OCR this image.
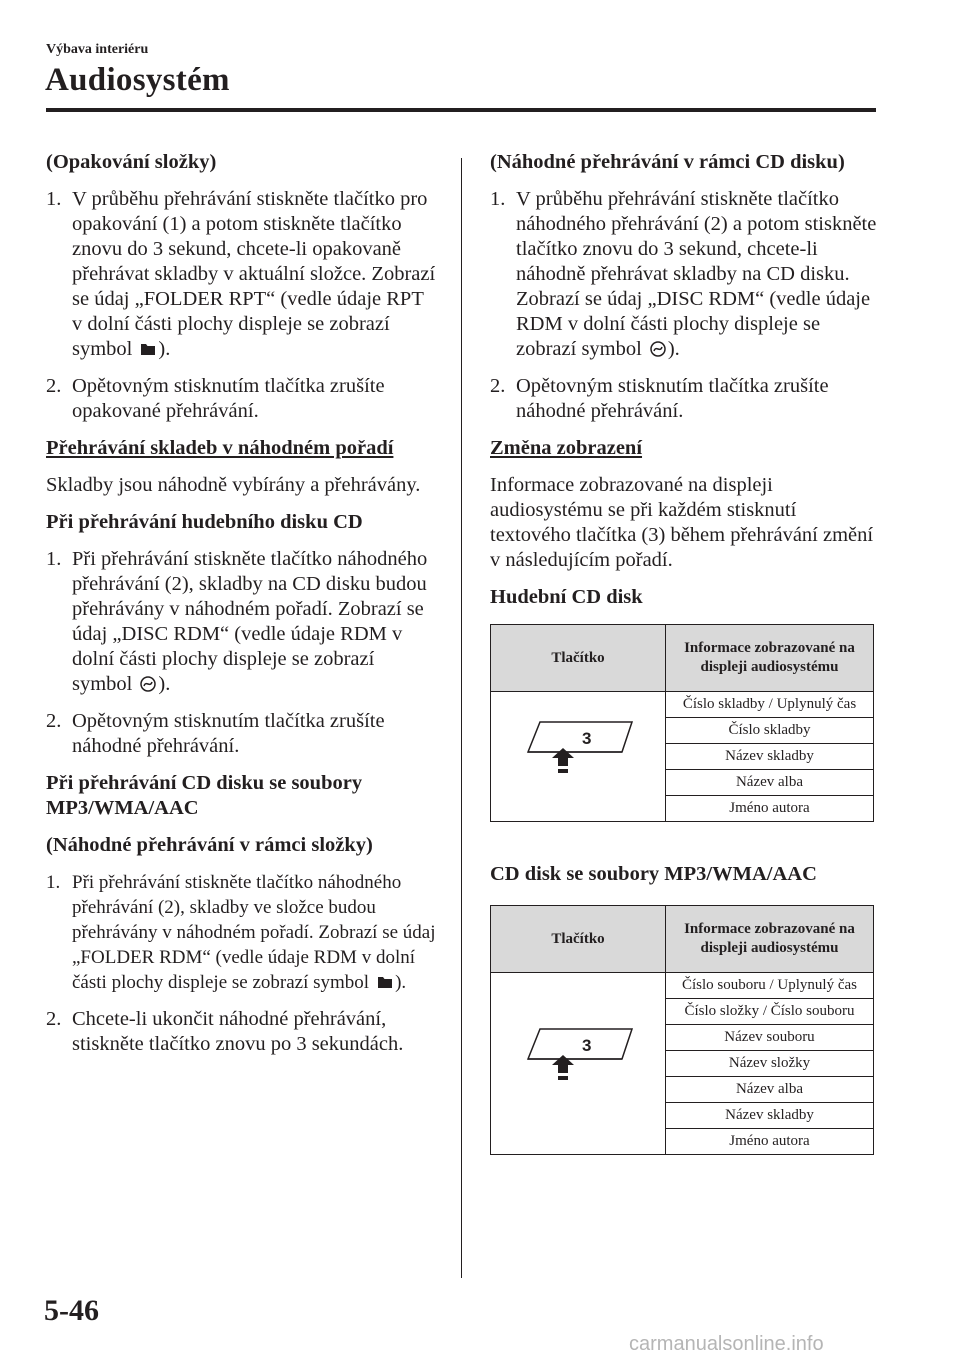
Výbava interiéru
Audiosystém
(Opakování složky)
1. V průběhu přehrávání stiskněte tlačítko pro opakování (1) a potom stiskněte tlačítko znovu do 3 sekund, chcete-li opakovaně přehrávat skladby v aktuální složce. Zobrazí se údaj „FOLDER RPT“ (vedle údaje RPT v dolní části plochy displeje se zobrazí symbol ).
2. Opětovným stisknutím tlačítka zrušíte opakované přehrávání.
Přehrávání skladeb v náhodném pořadí

Skladby jsou náhodně vybírány a přehrávány.

Při přehrávání hudebního disku CD
1. Při přehrávání stiskněte tlačítko náhodného přehrávání (2), skladby na CD disku budou přehrávány v náhodném pořadí. Zobrazí se údaj „DISC RDM“ (vedle údaje RDM v dolní části plochy displeje se zobrazí symbol ).
2. Opětovným stisknutím tlačítka zrušíte náhodné přehrávání.
Při přehrávání CD disku se soubory MP3/WMA/AAC
(Náhodné přehrávání v rámci složky)
1. Při přehrávání stiskněte tlačítko náhodného přehrávání (2), skladby ve složce budou přehrávány v náhodném pořadí. Zobrazí se údaj „FOLDER RDM“ (vedle údaje RDM v dolní části plochy displeje se zobrazí symbol ).
2. Chcete-li ukončit náhodné přehrávání, stiskněte tlačítko znovu po 3 sekundách.
(Náhodné přehrávání v rámci CD disku)
1. V průběhu přehrávání stiskněte tlačítko náhodného přehrávání (2) a potom stiskněte tlačítko znovu do 3 sekund, chcete-li náhodně přehrávat skladby na CD disku. Zobrazí se údaj „DISC RDM“ (vedle údaje RDM v dolní části plochy displeje se zobrazí symbol ).
2. Opětovným stisknutím tlačítka zrušíte náhodné přehrávání.
Změna zobrazení

Informace zobrazované na displeji audiosystému se při každém stisknutí textového tlačítka (3) během přehrávání změní v následujícím pořadí.

Hudební CD disk
Tlačítko	Informace zobrazované na displeji audiosystému

3	Číslo skladby / Uplynulý čas
	Číslo skladby
	Název skladby
	Název alba
	Jméno autora
CD disk se soubory MP3/WMA/AAC
Tlačítko	Informace zobrazované na displeji audiosystému

3	Číslo souboru / Uplynulý čas
	Číslo složky / Číslo souboru
	Název souboru
	Název složky
	Název alba
	Název skladby
	Jméno autora
5-46
carmanualsonline.info
